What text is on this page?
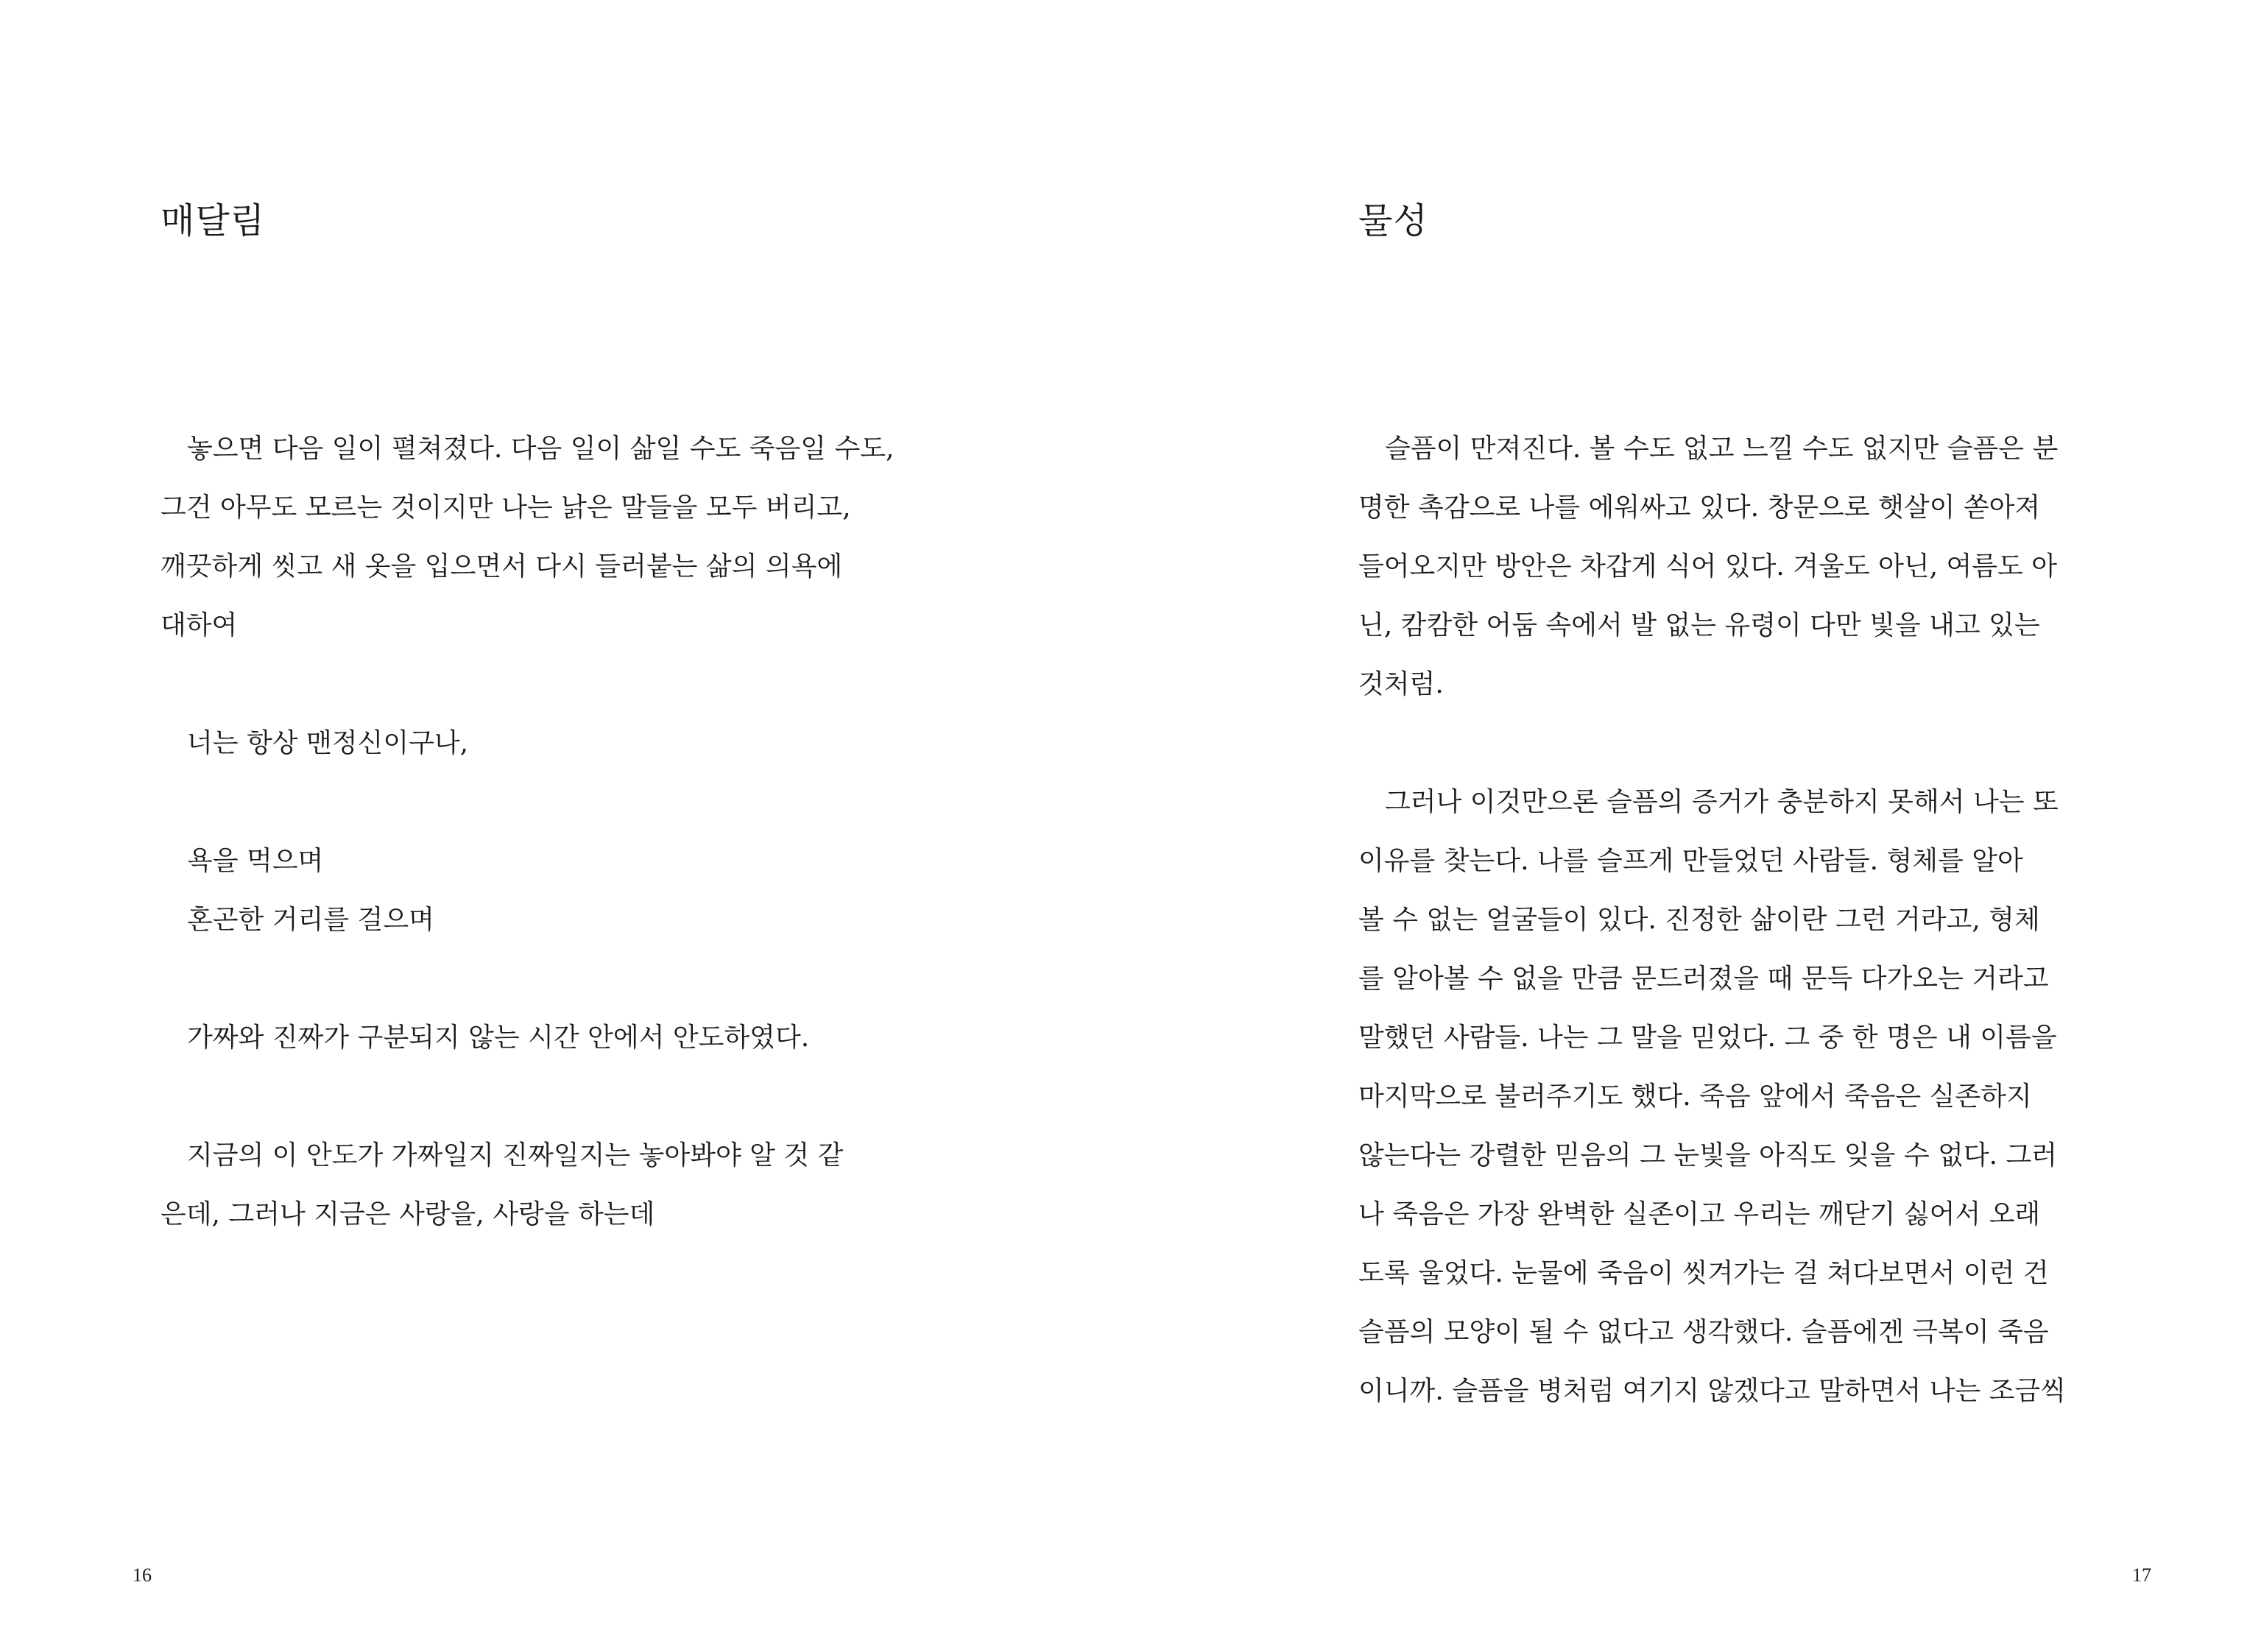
매달림
놓으면 다음 일이 펼쳐졌다. 다음 일이 삶일 수도 죽음일 수도,
그건 아무도 모르는 것이지만 나는 낡은 말들을 모두 버리고,
깨끗하게 씻고 새 옷을 입으면서 다시 들러붙는 삶의 의욕에
대하여
너는 항상 맨정신이구나,
욕을 먹으며
혼곤한 거리를 걸으며
가짜와 진짜가 구분되지 않는 시간 안에서 안도하였다.
지금의 이 안도가 가짜일지 진짜일지는 놓아봐야 알 것 같
은데, 그러나 지금은 사랑을, 사랑을 하는데
16
물성
슬픔이 만져진다. 볼 수도 없고 느낄 수도 없지만 슬픔은 분
명한 촉감으로 나를 에워싸고 있다. 창문으로 햇살이 쏟아져
들어오지만 방안은 차갑게 식어 있다. 겨울도 아닌, 여름도 아
닌, 캄캄한 어둠 속에서 발 없는 유령이 다만 빛을 내고 있는
것처럼.
그러나 이것만으론 슬픔의 증거가 충분하지 못해서 나는 또
이유를 찾는다. 나를 슬프게 만들었던 사람들. 형체를 알아
볼 수 없는 얼굴들이 있다. 진정한 삶이란 그런 거라고, 형체
를 알아볼 수 없을 만큼 문드러졌을 때 문득 다가오는 거라고
말했던 사람들. 나는 그 말을 믿었다. 그 중 한 명은 내 이름을
마지막으로 불러주기도 했다. 죽음 앞에서 죽음은 실존하지
않는다는 강렬한 믿음의 그 눈빛을 아직도 잊을 수 없다. 그러
나 죽음은 가장 완벽한 실존이고 우리는 깨닫기 싫어서 오래
도록 울었다. 눈물에 죽음이 씻겨가는 걸 쳐다보면서 이런 건
슬픔의 모양이 될 수 없다고 생각했다. 슬픔에겐 극복이 죽음
이니까. 슬픔을 병처럼 여기지 않겠다고 말하면서 나는 조금씩
17
